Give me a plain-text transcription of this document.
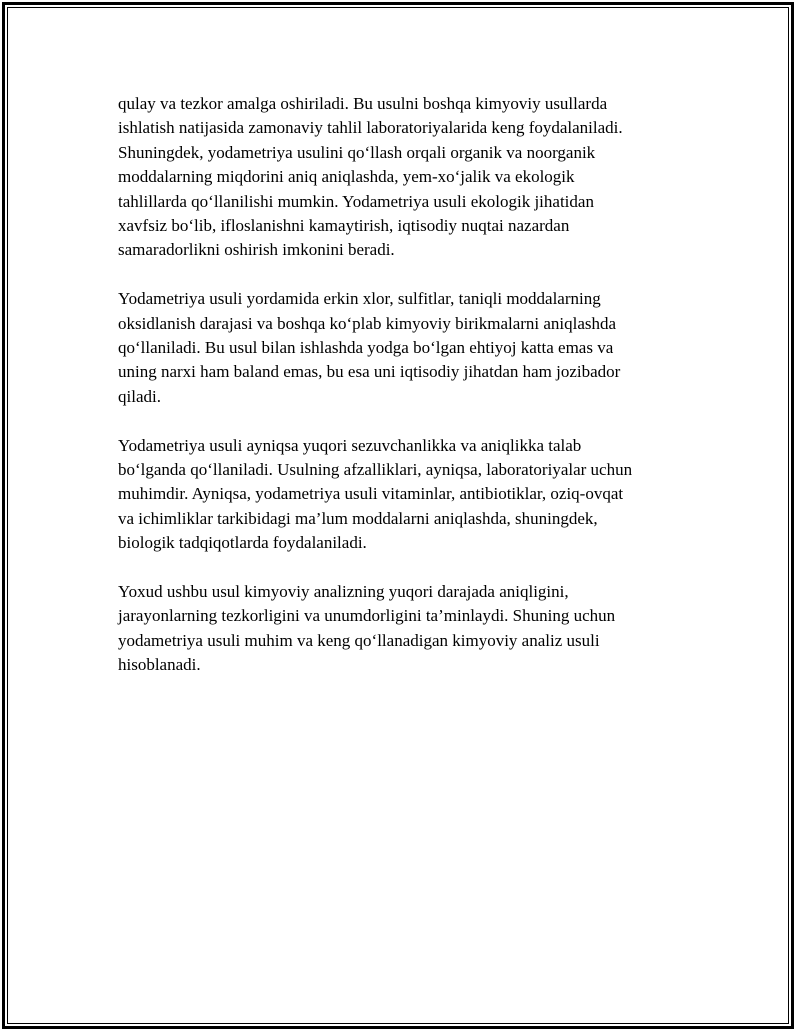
qulay va tezkor amalga oshiriladi. Bu usulni boshqa kimyoviy usullarda
ishlatish natijasida zamonaviy tahlil laboratoriyalarida keng foydalaniladi.
Shuningdek, yodametriya usulini qo‘llash orqali organik va noorganik
moddalarning miqdorini aniq aniqlashda, yem-xo‘jalik va ekologik
tahlillarda qo‘llanilishi mumkin. Yodametriya usuli ekologik jihatidan
xavfsiz bo‘lib, ifloslanishni kamaytirish, iqtisodiy nuqtai nazardan
samaradorlikni oshirish imkonini beradi.

Yodametriya usuli yordamida erkin xlor, sulfitlar, taniqli moddalarning
oksidlanish darajasi va boshqa ko‘plab kimyoviy birikmalarni aniqlashda
qo‘llaniladi. Bu usul bilan ishlashda yodga bo‘lgan ehtiyoj katta emas va
uning narxi ham baland emas, bu esa uni iqtisodiy jihatdan ham jozibador
qiladi.

Yodametriya usuli ayniqsa yuqori sezuvchanlikka va aniqlikka talab
bo‘lganda qo‘llaniladi. Usulning afzalliklari, ayniqsa, laboratoriyalar uchun
muhimdir. Ayniqsa, yodametriya usuli vitaminlar, antibiotiklar, oziq-ovqat
va ichimliklar tarkibidagi ma’lum moddalarni aniqlashda, shuningdek,
biologik tadqiqotlarda foydalaniladi.

Yoxud ushbu usul kimyoviy analizning yuqori darajada aniqligini,
jarayonlarning tezkorligini va unumdorligini ta’minlaydi. Shuning uchun
yodametriya usuli muhim va keng qo‘llanadigan kimyoviy analiz usuli
hisoblanadi.
